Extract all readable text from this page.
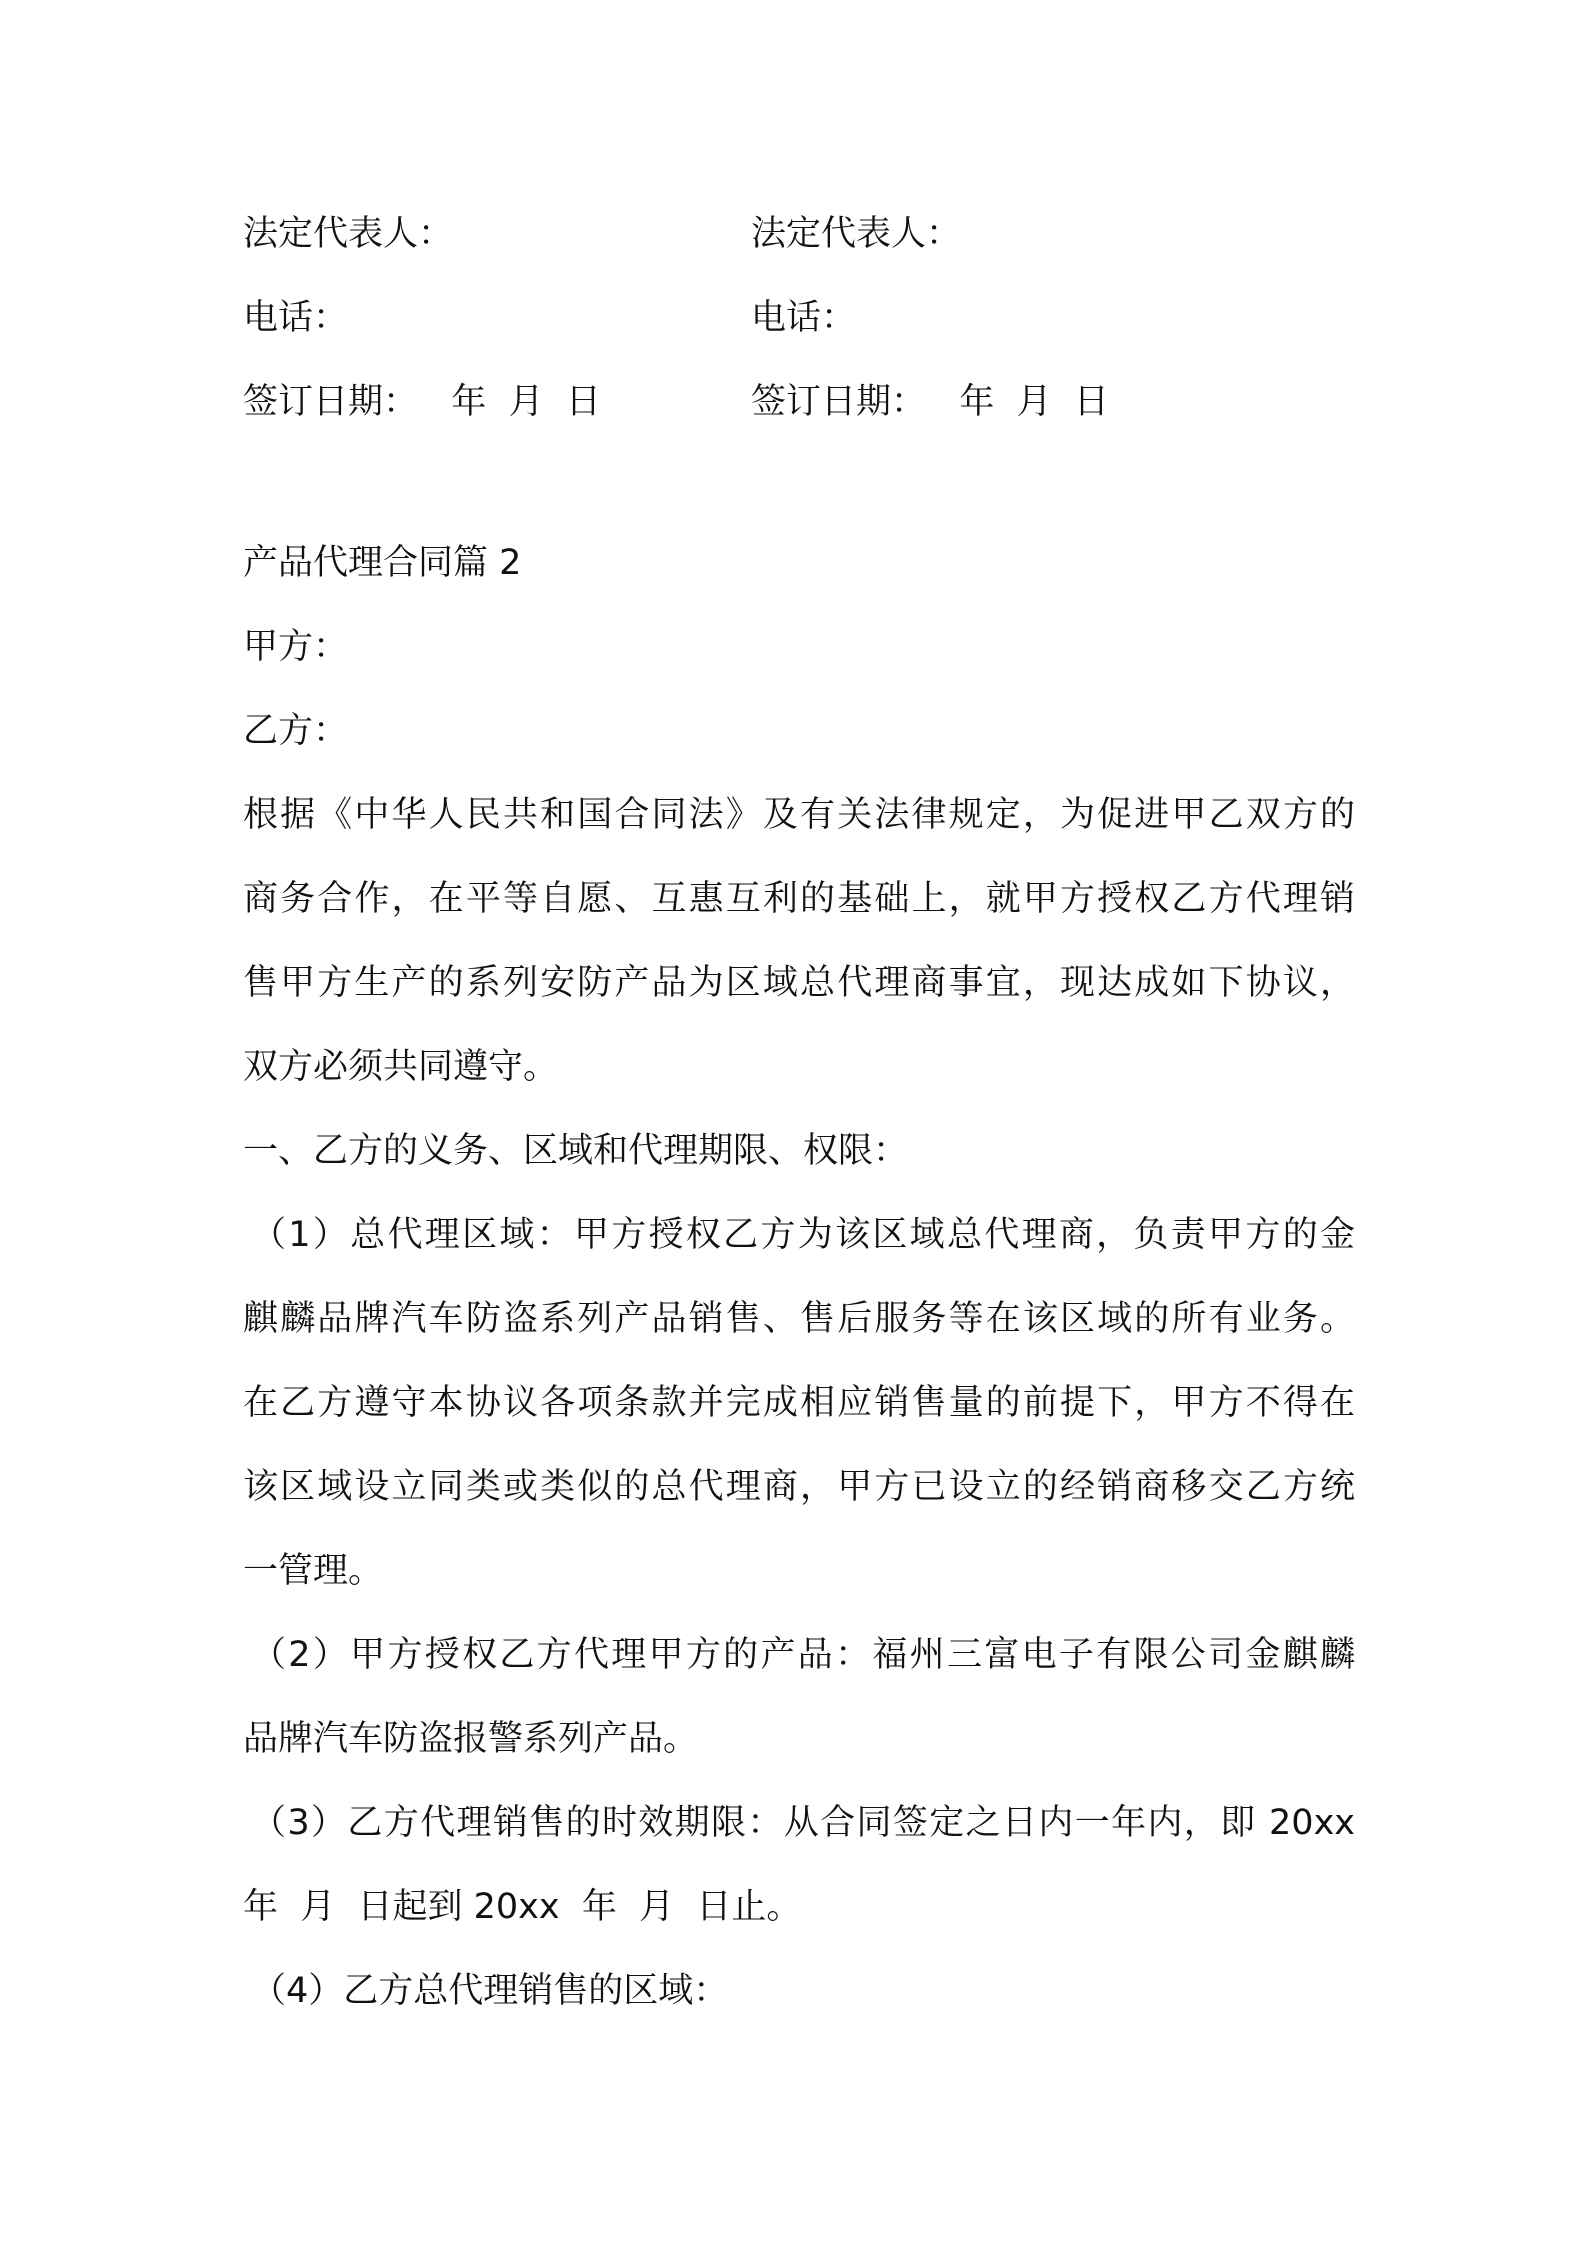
法定代表人：	法定代表人：
电话：	电话：
签订日期：   年  月  日	签订日期：   年  月  日
产品代理合同篇 2
甲方：
乙方：
根据《中华人民共和国合同法》及有关法律规定，为促进甲乙双方的
商务合作，在平等自愿、互惠互利的基础上，就甲方授权乙方代理销
售甲方生产的系列安防产品为区域总代理商事宜，现达成如下协议，
双方必须共同遵守。
一、乙方的义务、区域和代理期限、权限：
（1）总代理区域：甲方授权乙方为该区域总代理商，负责甲方的金
麒麟品牌汽车防盗系列产品销售、售后服务等在该区域的所有业务。
在乙方遵守本协议各项条款并完成相应销售量的前提下，甲方不得在
该区域设立同类或类似的总代理商，甲方已设立的经销商移交乙方统
一管理。
（2）甲方授权乙方代理甲方的产品：福州三富电子有限公司金麒麟
品牌汽车防盗报警系列产品。
（3）乙方代理销售的时效期限：从合同签定之日内一年内，即 20xx
年  月  日起到 20xx  年  月  日止。
（4）乙方总代理销售的区域：
